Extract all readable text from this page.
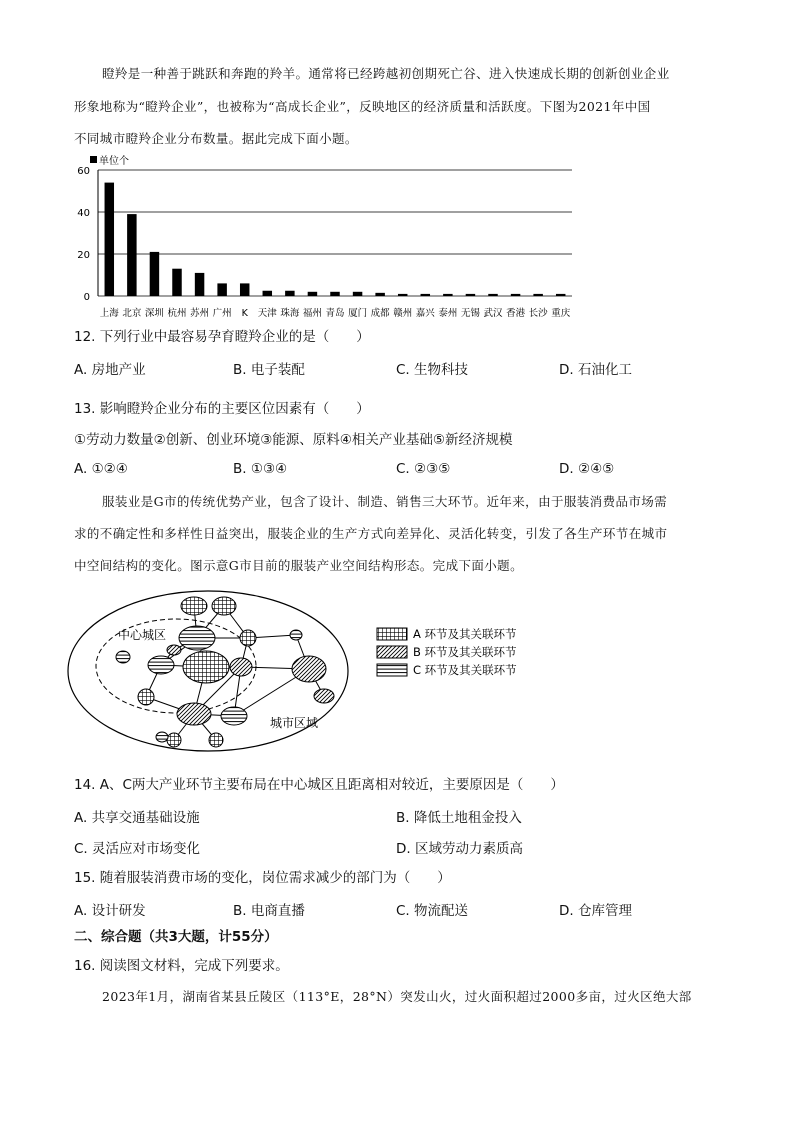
瞪羚是一种善于跳跃和奔跑的羚羊。通常将已经跨越初创期死亡谷、进入快速成长期的创新创业企业
形象地称为“瞪羚企业”，也被称为“高成长企业”，反映地区的经济质量和活跃度。下图为2021年中国
不同城市瞪羚企业分布数量。据此完成下面小题。
0
20
40
60
上海 北京 深圳 杭州 苏州 广州 K 天津 珠海 福州 青岛 厦门 成都 赣州 嘉兴 泰州 无锡 武汉 香港 长沙 重庆
单位个
12. 下列行业中最容易孕育瞪羚企业的是（　　）
A. 房地产业	B. 电子装配	C. 生物科技	D. 石油化工
13. 影响瞪羚企业分布的主要区位因素有（　　）
①劳动力数量②创新、创业环境③能源、原料④相关产业基础⑤新经济规模
A. ①②④	B. ①③④	C. ②③⑤	D. ②④⑤
服装业是G市的传统优势产业，包含了设计、制造、销售三大环节。近年来，由于服装消费品市场需
求的不确定性和多样性日益突出，服装企业的生产方式向差异化、灵活化转变，引发了各生产环节在城市
中空间结构的变化。图示意G市目前的服装产业空间结构形态。完成下面小题。
中心城区
城市区域
A 环节及其关联环节
B 环节及其关联环节
C 环节及其关联环节
14. A、C两大产业环节主要布局在中心城区且距离相对较近，主要原因是（　　）
A. 共享交通基础设施	B. 降低土地租金投入
C. 灵活应对市场变化	D. 区域劳动力素质高
15. 随着服装消费市场的变化，岗位需求减少的部门为（　　）
A. 设计研发	B. 电商直播	C. 物流配送	D. 仓库管理
二、综合题（共3大题，计55分）
16. 阅读图文材料，完成下列要求。
2023年1月，湖南省某县丘陵区（113°E，28°N）突发山火，过火面积超过2000多亩，过火区绝大部
